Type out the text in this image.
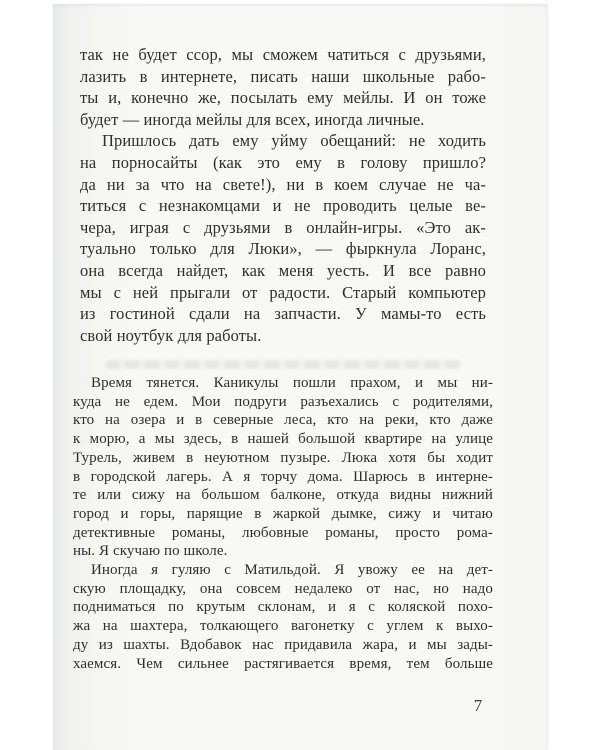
так не будет ссор, мы сможем чатиться с друзьями,
лазить в интернете, писать наши школьные рабо-
ты и, конечно же, посылать ему мейлы. И он тоже
будет — иногда мейлы для всех, иногда личные.
Пришлось дать ему уйму обещаний: не ходить
на порносайты (как это ему в голову пришло?
да ни за что на свете!), ни в коем случае не ча-
титься с незнакомцами и не проводить целые ве-
чера, играя с друзьями в онлайн-игры. «Это ак-
туально только для Люки», — фыркнула Лоранс,
она всегда найдет, как меня уесть. И все равно
мы с ней прыгали от радости. Старый компьютер
из гостиной сдали на запчасти. У мамы-то есть
свой ноутбук для работы.
Время тянется. Каникулы пошли прахом, и мы ни-
куда не едем. Мои подруги разъехались с родителями,
кто на озера и в северные леса, кто на реки, кто даже
к морю, а мы здесь, в нашей большой квартире на улице
Турель, живем в неуютном пузыре. Люка хотя бы ходит
в городской лагерь. А я торчу дома. Шарюсь в интерне-
те или сижу на большом балконе, откуда видны нижний
город и горы, парящие в жаркой дымке, сижу и читаю
детективные романы, любовные романы, просто рома-
ны. Я скучаю по школе.
Иногда я гуляю с Матильдой. Я увожу ее на дет-
скую площадку, она совсем недалеко от нас, но надо
подниматься по крутым склонам, и я с коляской похо-
жа на шахтера, толкающего вагонетку с углем к выхо-
ду из шахты. Вдобавок нас придавила жара, и мы зады-
хаемся. Чем сильнее растягивается время, тем больше
7
